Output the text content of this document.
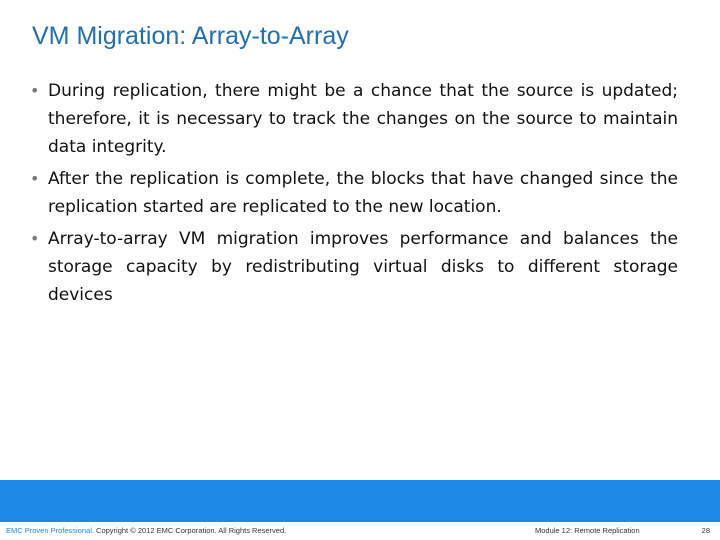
VM Migration: Array-to-Array
• During replication, there might be a chance that the source is updated; therefore, it is necessary to track the changes on the source to maintain data integrity.
• After the replication is complete, the blocks that have changed since the replication started are replicated to the new location.
• Array-to-array VM migration improves performance and balances the storage capacity by redistributing virtual disks to different storage devices
EMC Proven Professional. Copyright © 2012 EMC Corporation. All Rights Reserved.	Module 12: Remote Replication	28
